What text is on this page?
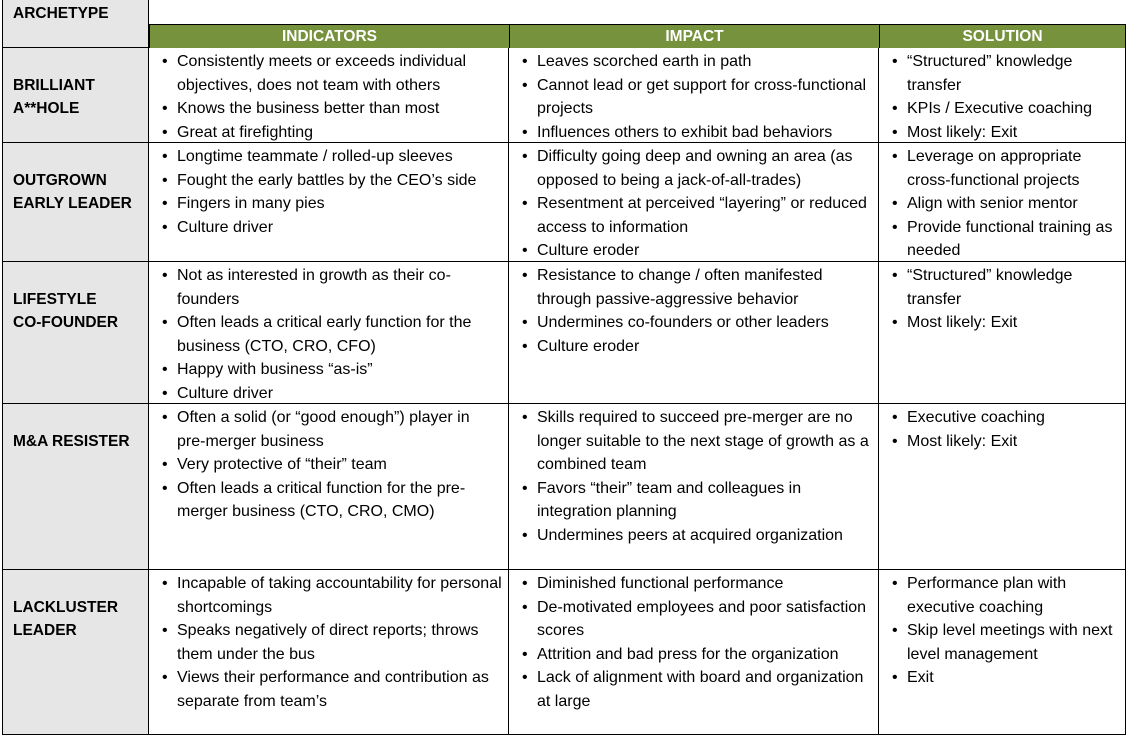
ARCHETYPE
INDICATORS	IMPACT	SOLUTION
BRILLIANT
A**HOLE
• Consistently meets or exceeds individual objectives, does not team with others
• Knows the business better than most
• Great at firefighting
• Leaves scorched earth in path
• Cannot lead or get support for cross-functional projects
• Influences others to exhibit bad behaviors
• “Structured” knowledge transfer
• KPIs / Executive coaching
• Most likely: Exit
OUTGROWN
EARLY LEADER
• Longtime teammate / rolled-up sleeves
• Fought the early battles by the CEO’s side
• Fingers in many pies
• Culture driver
• Difficulty going deep and owning an area (as opposed to being a jack-of-all-trades)
• Resentment at perceived “layering” or reduced access to information
• Culture eroder
• Leverage on appropriate cross-functional projects
• Align with senior mentor
• Provide functional training as needed
LIFESTYLE
CO-FOUNDER
• Not as interested in growth as their co-founders
• Often leads a critical early function for the business (CTO, CRO, CFO)
• Happy with business “as-is”
• Culture driver
• Resistance to change / often manifested through passive-aggressive behavior
• Undermines co-founders or other leaders
• Culture eroder
• “Structured” knowledge transfer
• Most likely: Exit
M&A RESISTER
• Often a solid (or “good enough”) player in pre-merger business
• Very protective of “their” team
• Often leads a critical function for the pre-merger business (CTO, CRO, CMO)
• Skills required to succeed pre-merger are no longer suitable to the next stage of growth as a combined team
• Favors “their” team and colleagues in integration planning
• Undermines peers at acquired organization
• Executive coaching
• Most likely: Exit
LACKLUSTER
LEADER
• Incapable of taking accountability for personal shortcomings
• Speaks negatively of direct reports; throws them under the bus
• Views their performance and contribution as separate from team’s
• Diminished functional performance
• De-motivated employees and poor satisfaction scores
• Attrition and bad press for the organization
• Lack of alignment with board and organization at large
• Performance plan with executive coaching
• Skip level meetings with next level management
• Exit
